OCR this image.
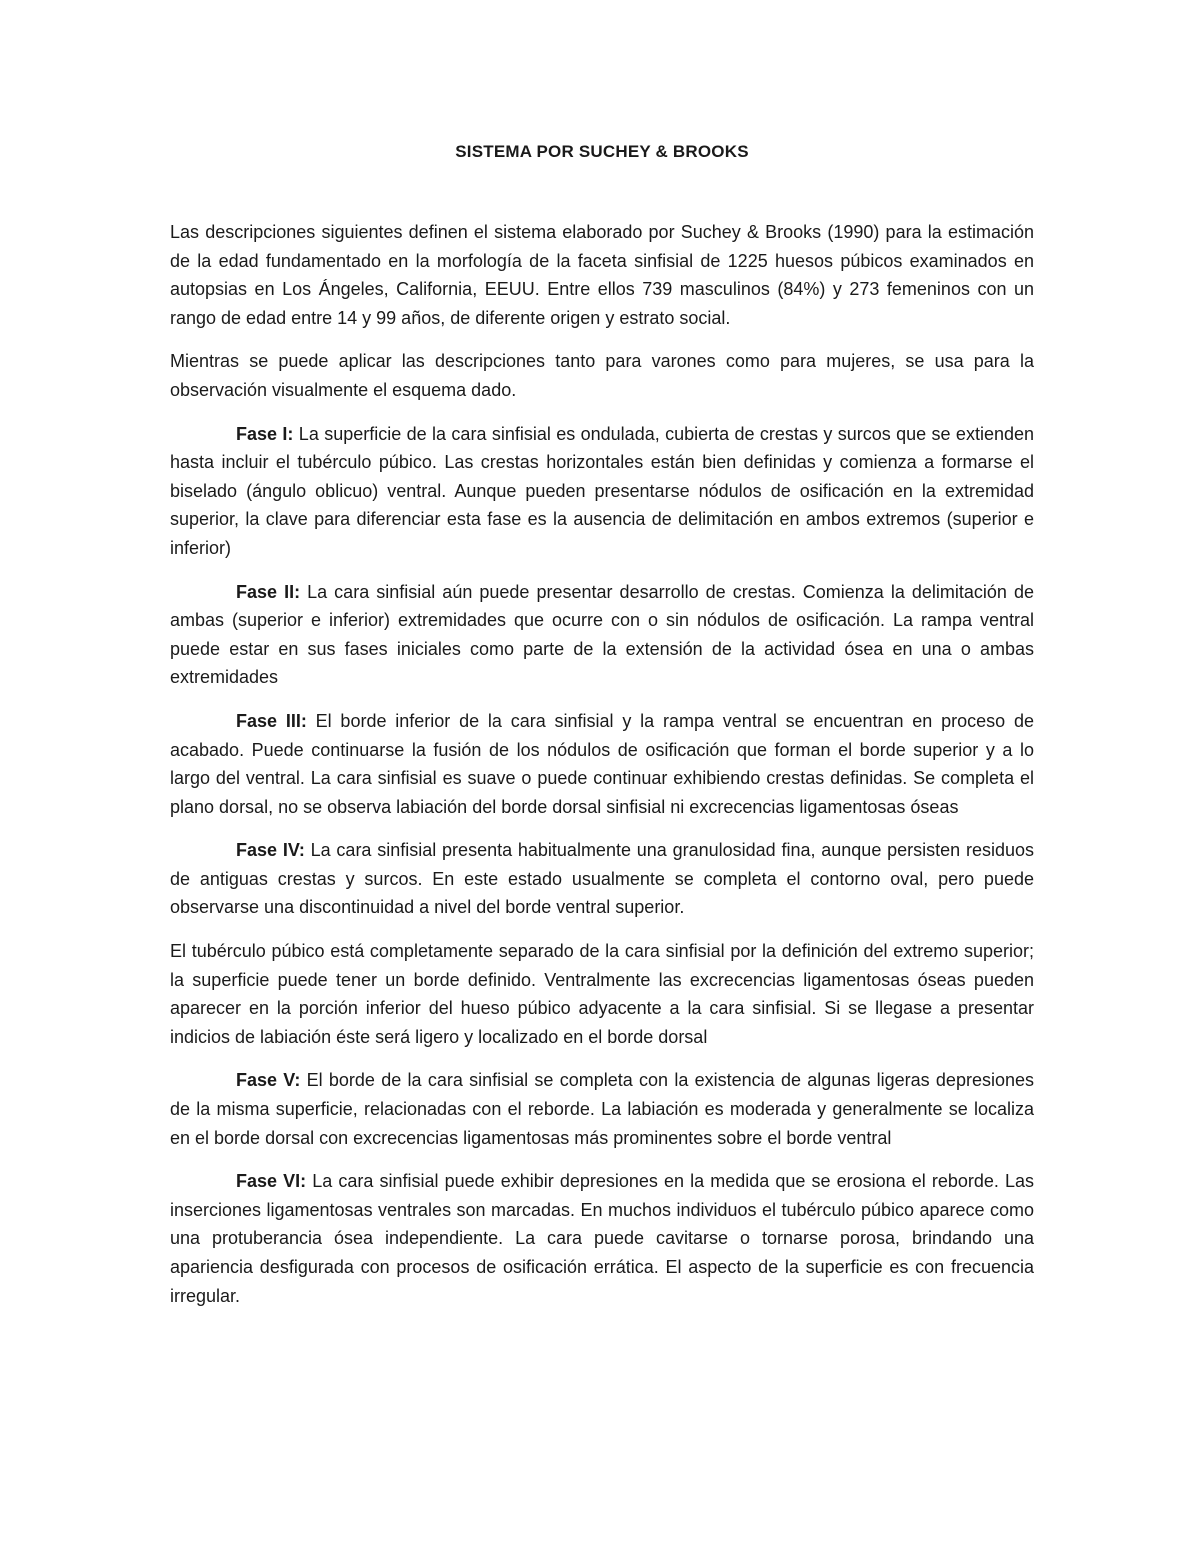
SISTEMA POR SUCHEY & BROOKS

Las descripciones siguientes definen el sistema elaborado por Suchey & Brooks (1990) para la estimación de la edad fundamentado en la morfología de la faceta sinfisial de 1225 huesos púbicos examinados en autopsias en Los Ángeles, California, EEUU. Entre ellos 739 masculinos (84%) y 273 femeninos con un rango de edad entre 14 y 99 años, de diferente origen y estrato social.

Mientras se puede aplicar las descripciones tanto para varones como para mujeres, se usa para la observación visualmente el esquema dado.

Fase I: La superficie de la cara sinfisial es ondulada, cubierta de crestas y surcos que se extienden hasta incluir el tubérculo púbico. Las crestas horizontales están bien definidas y comienza a formarse el biselado (ángulo oblicuo) ventral. Aunque pueden presentarse nódulos de osificación en la extremidad superior, la clave para diferenciar esta fase es la ausencia de delimitación en ambos extremos (superior e inferior)

Fase II: La cara sinfisial aún puede presentar desarrollo de crestas. Comienza la delimitación de ambas (superior e inferior) extremidades que ocurre con o sin nódulos de osificación. La rampa ventral puede estar en sus fases iniciales como parte de la extensión de la actividad ósea en una o ambas extremidades

Fase III: El borde inferior de la cara sinfisial y la rampa ventral se encuentran en proceso de acabado. Puede continuarse la fusión de los nódulos de osificación que forman el borde superior y a lo largo del ventral. La cara sinfisial es suave o puede continuar exhibiendo crestas definidas. Se completa el plano dorsal, no se observa labiación del borde dorsal sinfisial ni excrecencias ligamentosas óseas

Fase IV: La cara sinfisial presenta habitualmente una granulosidad fina, aunque persisten residuos de antiguas crestas y surcos. En este estado usualmente se completa el contorno oval, pero puede observarse una discontinuidad a nivel del borde ventral superior.

El tubérculo púbico está completamente separado de la cara sinfisial por la definición del extremo superior; la superficie puede tener un borde definido. Ventralmente las excrecencias ligamentosas óseas pueden aparecer en la porción inferior del hueso púbico adyacente a la cara sinfisial. Si se llegase a presentar indicios de labiación éste será ligero y localizado en el borde dorsal

Fase V: El borde de la cara sinfisial se completa con la existencia de algunas ligeras depresiones de la misma superficie, relacionadas con el reborde. La labiación es moderada y generalmente se localiza en el borde dorsal con excrecencias ligamentosas más prominentes sobre el borde ventral

Fase VI: La cara sinfisial puede exhibir depresiones en la medida que se erosiona el reborde. Las inserciones ligamentosas ventrales son marcadas. En muchos individuos el tubérculo púbico aparece como una protuberancia ósea independiente. La cara puede cavitarse o tornarse porosa, brindando una apariencia desfigurada con procesos de osificación errática. El aspecto de la superficie es con frecuencia irregular.
